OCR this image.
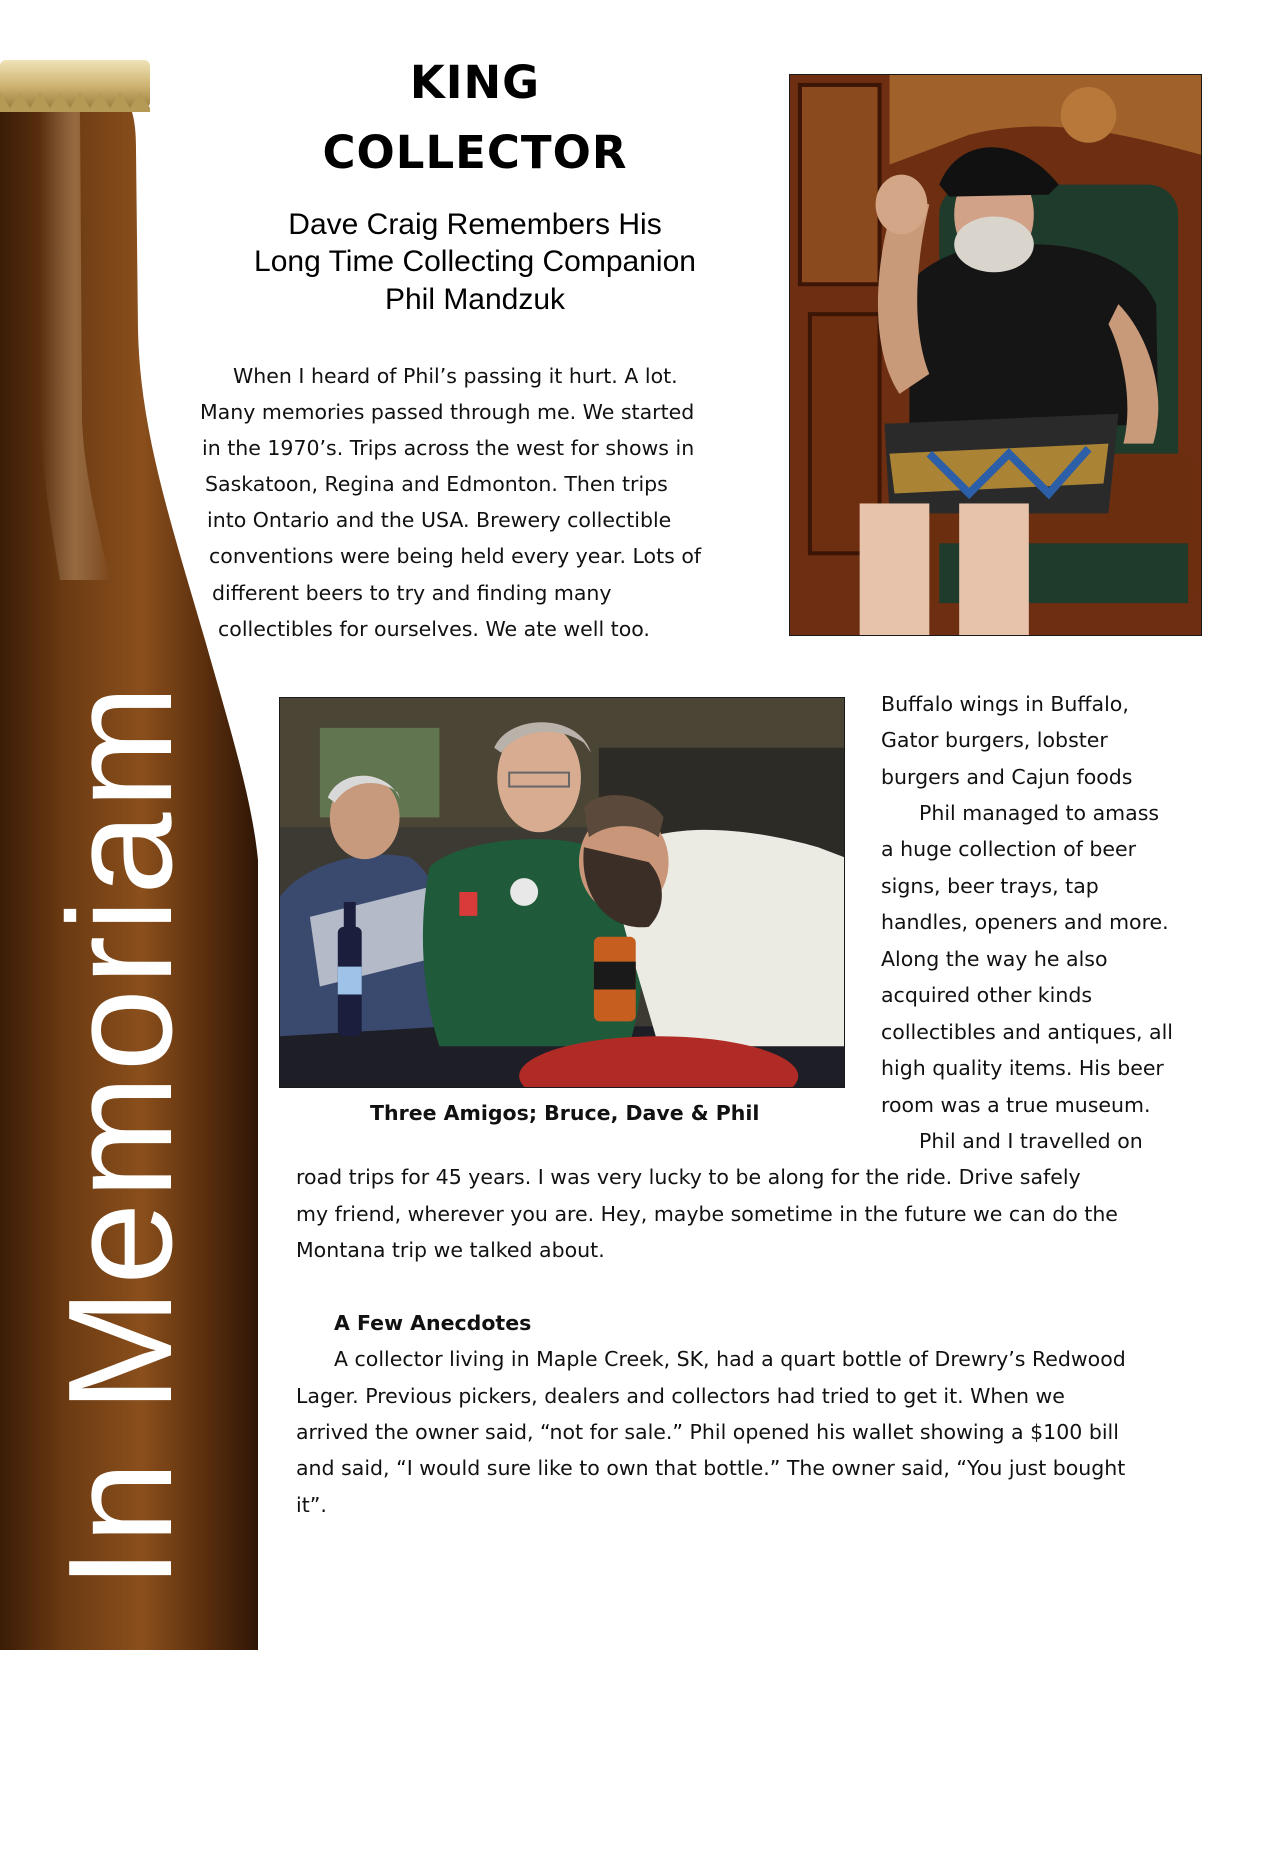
In Memoriam
KING
COLLECTOR
Dave Craig Remembers His
Long Time Collecting Companion
Phil Mandzuk
Three Amigos; Bruce, Dave & Phil
When I heard of Phil’s passing it hurt. A lot.
Many memories passed through me. We started
in the 1970’s. Trips across the west for shows in
Saskatoon, Regina and Edmonton. Then trips
into Ontario and the USA. Brewery collectible
conventions were being held every year. Lots of
different beers to try and finding many
collectibles for ourselves. We ate well too.
Buffalo wings in Buffalo,
Gator burgers, lobster
burgers and Cajun foods
Phil managed to amass
a huge collection of beer
signs, beer trays, tap
handles, openers and more.
Along the way he also
acquired other kinds
collectibles and antiques, all
high quality items. His beer
room was a true museum.
Phil and I travelled on
road trips for 45 years. I was very lucky to be along for the ride. Drive safely
my friend, wherever you are. Hey, maybe sometime in the future we can do the
Montana trip we talked about.
A Few Anecdotes
A collector living in Maple Creek, SK, had a quart bottle of Drewry’s Redwood
Lager. Previous pickers, dealers and collectors had tried to get it. When we
arrived the owner said, “not for sale.” Phil opened his wallet showing a $100 bill
and said, “I would sure like to own that bottle.” The owner said, “You just bought
it”.
